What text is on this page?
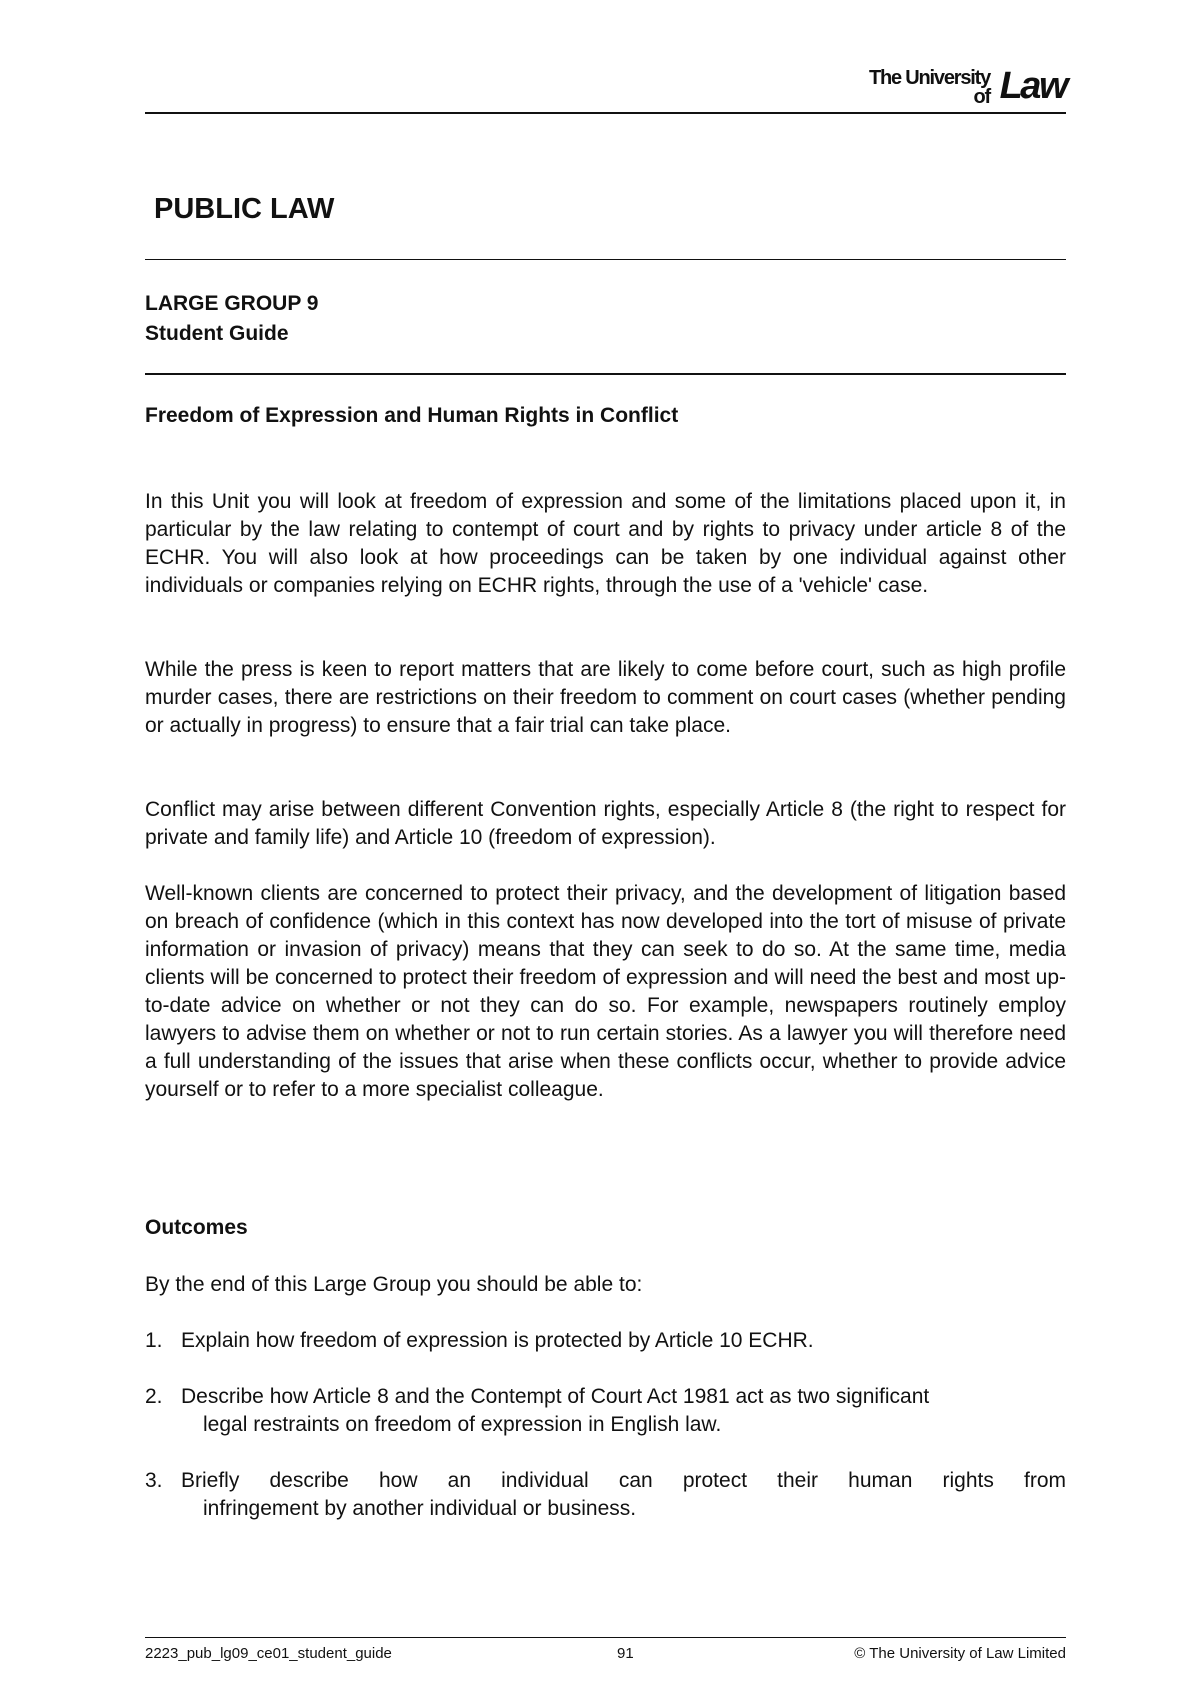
The University
of Law
PUBLIC LAW
LARGE GROUP 9
Student Guide
Freedom of Expression and Human Rights in Conflict

In this Unit you will look at freedom of expression and some of the limitations placed upon it, in particular by the law relating to contempt of court and by rights to privacy under article 8 of the ECHR. You will also look at how proceedings can be taken by one individual against other individuals or companies relying on ECHR rights, through the use of a 'vehicle' case.

While the press is keen to report matters that are likely to come before court, such as high profile murder cases, there are restrictions on their freedom to comment on court cases (whether pending or actually in progress) to ensure that a fair trial can take place.

Conflict may arise between different Convention rights, especially Article 8 (the right to respect for private and family life) and Article 10 (freedom of expression).

Well-known clients are concerned to protect their privacy, and the development of litigation based on breach of confidence (which in this context has now developed into the tort of misuse of private information or invasion of privacy) means that they can seek to do so. At the same time, media clients will be concerned to protect their freedom of expression and will need the best and most up-to-date advice on whether or not they can do so. For example, newspapers routinely employ lawyers to advise them on whether or not to run certain stories. As a lawyer you will therefore need a full understanding of the issues that arise when these conflicts occur, whether to provide advice yourself or to refer to a more specialist colleague.

Outcomes
By the end of this Large Group you should be able to:
1. Explain how freedom of expression is protected by Article 10 ECHR.
2. Describe how Article 8 and the Contempt of Court Act 1981 act as two significant
legal restraints on freedom of expression in English law.
3. Briefly describe how an individual can protect their human rights from
infringement by another individual or business.
2223_pub_lg09_ce01_student_guide	91	© The University of Law Limited
